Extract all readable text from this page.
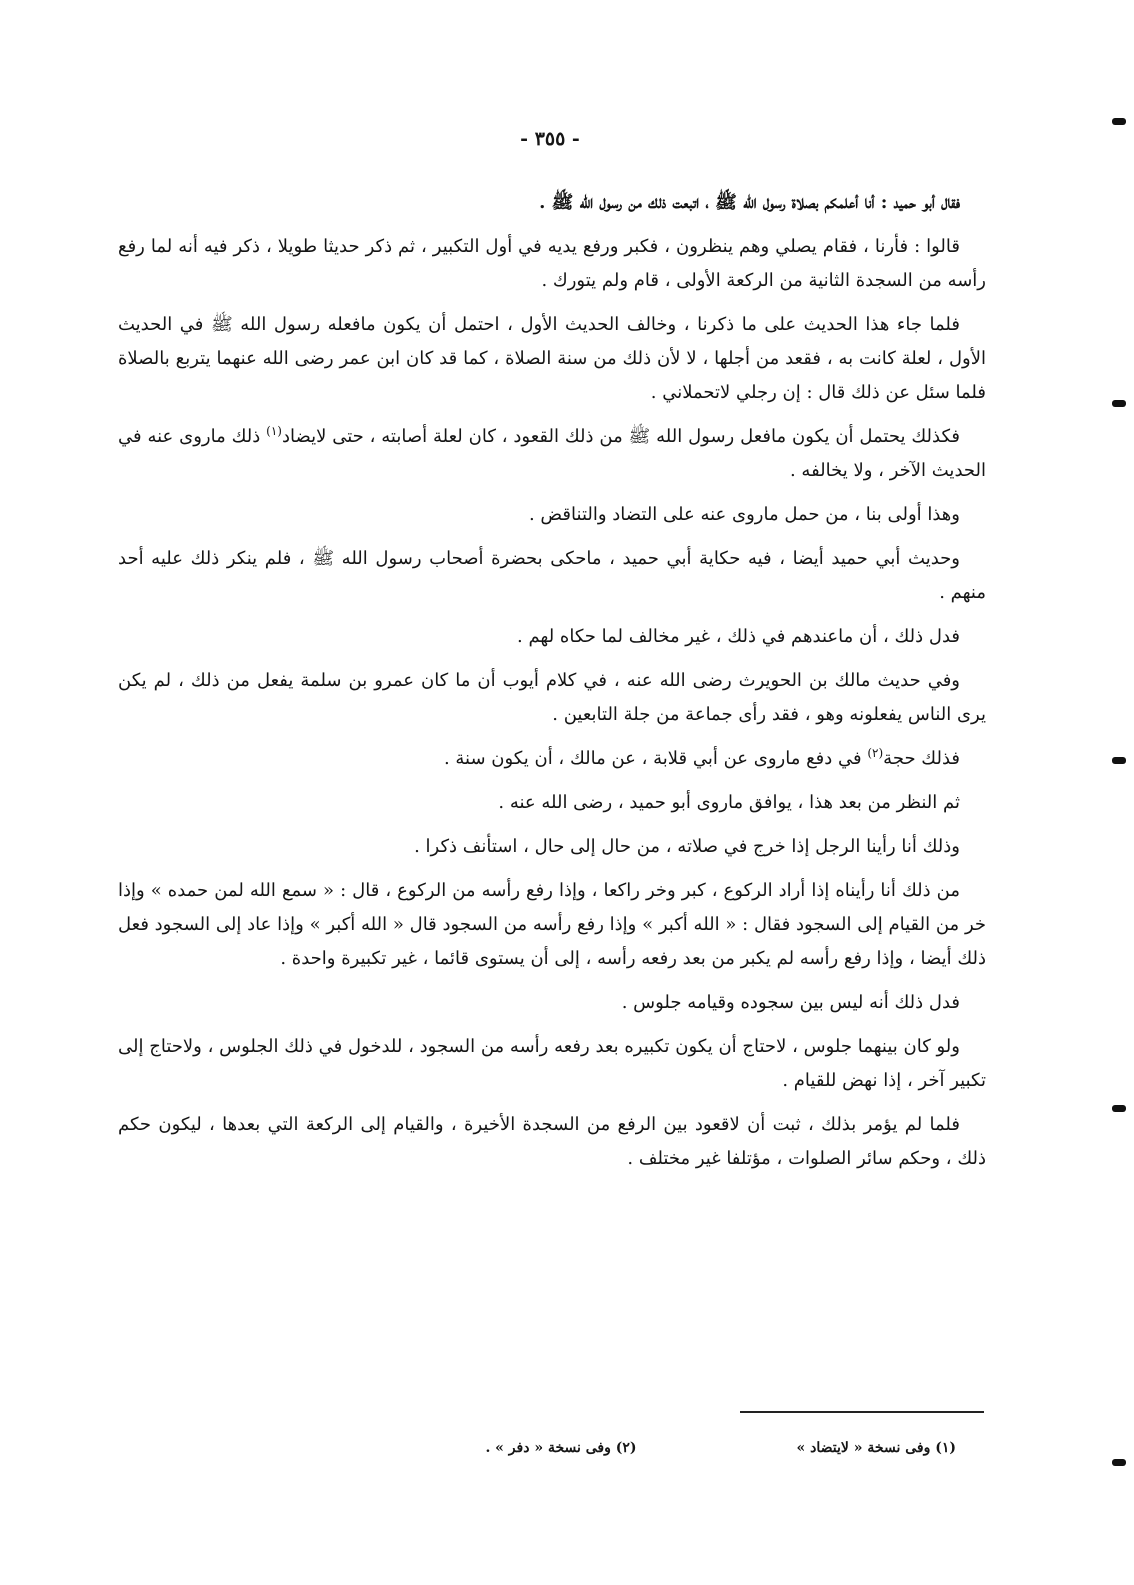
- ٣٥٥ -

فقال أبو حميد : أنا أعلمكم بصلاة رسول الله ﷺ ، اتبعت ذلك من رسول الله ﷺ .

قالوا : فأرنا ، فقام يصلي وهم ينظرون ، فكبر ورفع يديه في أول التكبير ، ثم ذكر حديثا طويلا ، ذكر فيه أنه لما رفع رأسه من السجدة الثانية من الركعة الأولى ، قام ولم يتورك .

فلما جاء هذا الحديث على ما ذكرنا ، وخالف الحديث الأول ، احتمل أن يكون مافعله رسول الله ﷺ في الحديث الأول ، لعلة كانت به ، فقعد من أجلها ، لا لأن ذلك من سنة الصلاة ، كما قد كان ابن عمر رضى الله عنهما يتربع بالصلاة فلما سئل عن ذلك قال : إن رجلي لاتحملاني .

فكذلك يحتمل أن يكون مافعل رسول الله ﷺ من ذلك القعود ، كان لعلة أصابته ، حتى لايضاد$^{(١)}$ ذلك ماروى عنه في الحديث الآخر ، ولا يخالفه .

وهذا أولى بنا ، من حمل ماروى عنه على التضاد والتناقض .

وحديث أبي حميد أيضا ، فيه حكاية أبي حميد ، ماحكى بحضرة أصحاب رسول الله ﷺ ، فلم ينكر ذلك عليه أحد منهم .

فدل ذلك ، أن ماعندهم في ذلك ، غير مخالف لما حكاه لهم .

وفي حديث مالك بن الحويرث رضى الله عنه ، في كلام أيوب أن ما كان عمرو بن سلمة يفعل من ذلك ، لم يكن يرى الناس يفعلونه وهو ، فقد رأى جماعة من جلة التابعين .

فذلك حجة$^{(٢)}$ في دفع ماروى عن أبي قلابة ، عن مالك ، أن يكون سنة .

ثم النظر من بعد هذا ، يوافق ماروى أبو حميد ، رضى الله عنه .

وذلك أنا رأينا الرجل إذا خرج في صلاته ، من حال إلى حال ، استأنف ذكرا .

من ذلك أنا رأيناه إذا أراد الركوع ، كبر وخر راكعا ، وإذا رفع رأسه من الركوع ، قال : « سمع الله لمن حمده » وإذا خر من القيام إلى السجود فقال : « الله أكبر » وإذا رفع رأسه من السجود قال « الله أكبر » وإذا عاد إلى السجود فعل ذلك أيضا ، وإذا رفع رأسه لم يكبر من بعد رفعه رأسه ، إلى أن يستوى قائما ، غير تكبيرة واحدة .

فدل ذلك أنه ليس بين سجوده وقيامه جلوس .

ولو كان بينهما جلوس ، لاحتاج أن يكون تكبيره بعد رفعه رأسه من السجود ، للدخول في ذلك الجلوس ، ولاحتاج إلى تكبير آخر ، إذا نهض للقيام .

فلما لم يؤمر بذلك ، ثبت أن لاقعود بين الرفع من السجدة الأخيرة ، والقيام إلى الركعة التي بعدها ، ليكون حكم ذلك ، وحكم سائر الصلوات ، مؤتلفا غير مختلف .

(١) وفى نسخة « لايتضاد »
(٢) وفى نسخة « دفر » .
